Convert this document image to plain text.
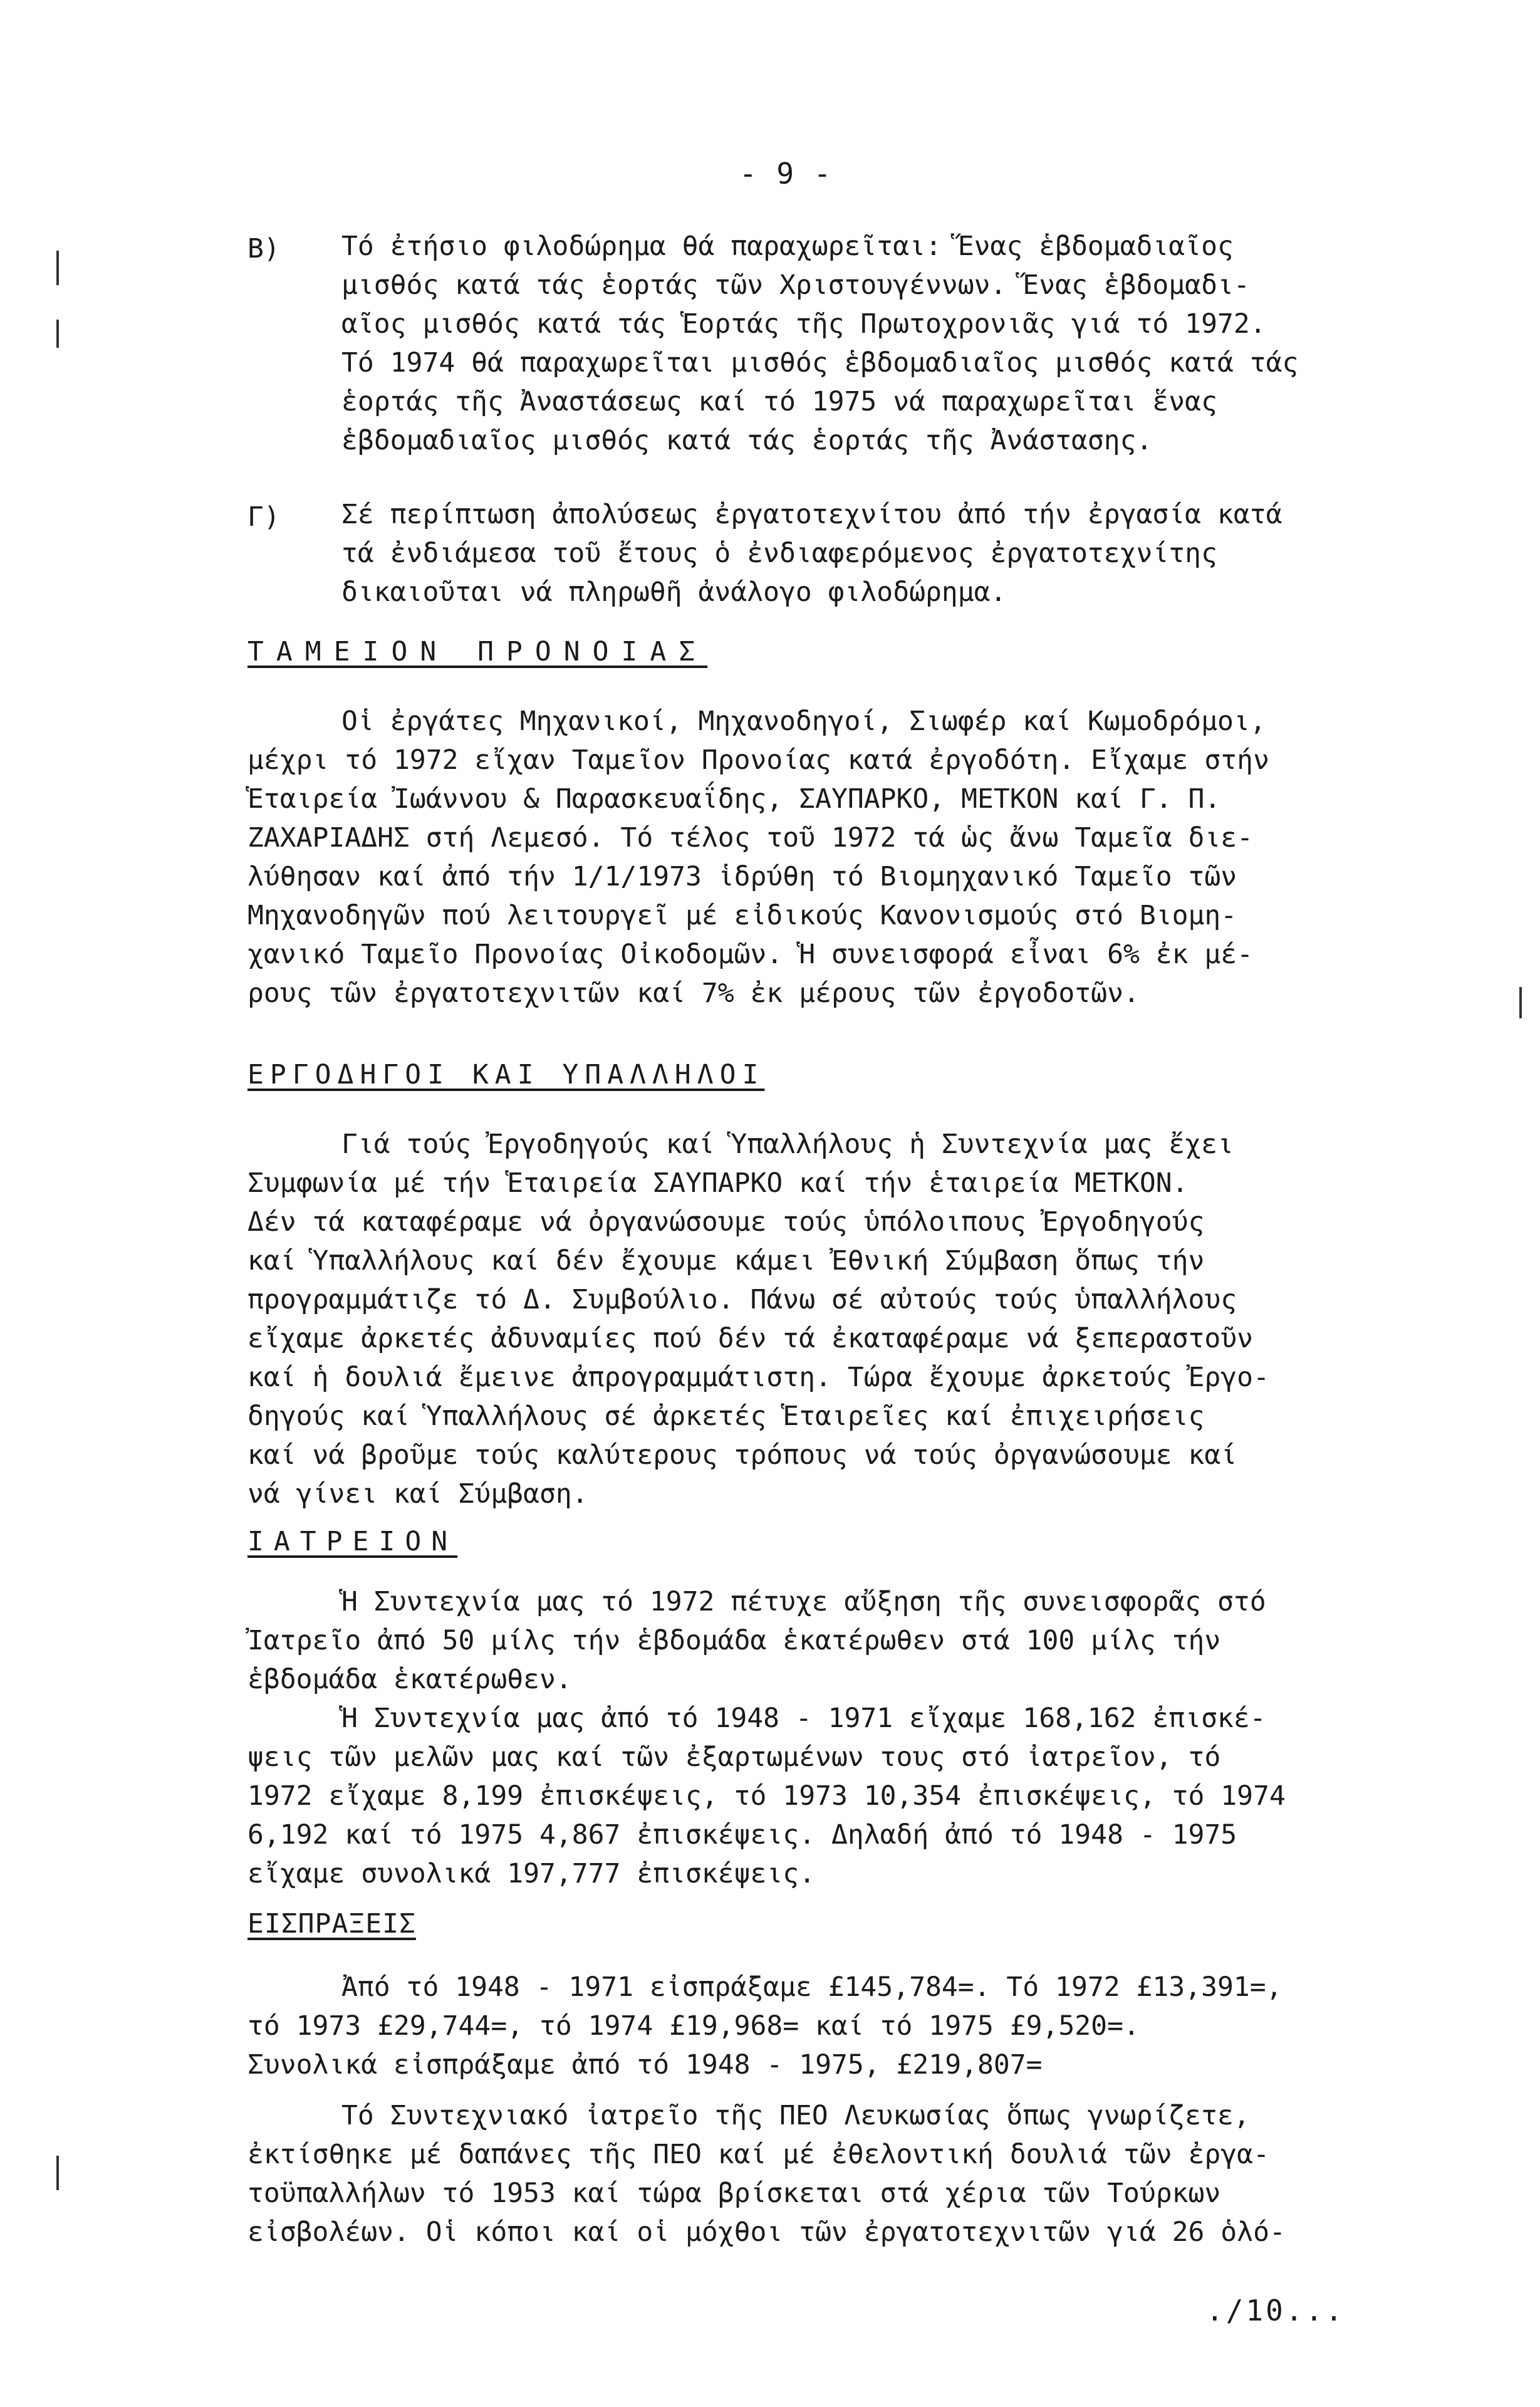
- 9 -
Β) Τό ἐτήσιο φιλοδώρημα θά παραχωρεῖται: Ἕνας ἑβδομαδιαῖος
μισθός κατά τάς ἑορτάς τῶν Χριστουγέννων. Ἕνας ἑβδομαδι-
αῖος μισθός κατά τάς Ἑορτάς τῆς Πρωτοχρονιᾶς γιά τό 1972.
Τό 1974 θά παραχωρεῖται μισθός ἑβδομαδιαῖος μισθός κατά τάς
ἑορτάς τῆς Ἀναστάσεως καί τό 1975 νά παραχωρεῖται ἕνας
ἑβδομαδιαῖος μισθός κατά τάς ἑορτάς τῆς Ἀνάστασης.
Γ) Σέ περίπτωση ἀπολύσεως ἐργατοτεχνίτου ἀπό τήν ἐργασία κατά
τά ἐνδιάμεσα τοῦ ἔτους ὁ ἐνδιαφερόμενος ἐργατοτεχνίτης
δικαιοῦται νά πληρωθῆ ἀνάλογο φιλοδώρημα.
ΤΑΜΕΙΟΝ ΠΡΟΝΟΙΑΣ
Οἱ ἐργάτες Μηχανικοί, Μηχανοδηγοί, Σιωφέρ καί Κωμοδρόμοι,
μέχρι τό 1972 εἴχαν Ταμεῖον Προνοίας κατά ἐργοδότη. Εἴχαμε στήν
Ἑταιρεία Ἰωάννου & Παρασκευαΐδης, ΣΑΥΠΑΡΚΟ, ΜΕΤΚΟΝ καί Γ. Π.
ΖΑΧΑΡΙΑΔΗΣ στή Λεμεσό. Τό τέλος τοῦ 1972 τά ὡς ἄνω Ταμεῖα διε-
λύθησαν καί ἀπό τήν 1/1/1973 ἱδρύθη τό Βιομηχανικό Ταμεῖο τῶν
Μηχανοδηγῶν πού λειτουργεῖ μέ εἰδικούς Κανονισμούς στό Βιομη-
χανικό Ταμεῖο Προνοίας Οἰκοδομῶν. Ἡ συνεισφορά εἶναι 6% ἐκ μέ-
ρους τῶν ἐργατοτεχνιτῶν καί 7% ἐκ μέρους τῶν ἐργοδοτῶν.
ΕΡΓΟΔΗΓΟΙ ΚΑΙ ΥΠΑΛΛΗΛΟΙ
Γιά τούς Ἐργοδηγούς καί Ὑπαλλήλους ἡ Συντεχνία μας ἔχει
Συμφωνία μέ τήν Ἑταιρεία ΣΑΥΠΑΡΚΟ καί τήν ἑταιρεία ΜΕΤΚΟΝ.
Δέν τά καταφέραμε νά ὀργανώσουμε τούς ὑπόλοιπους Ἐργοδηγούς
καί Ὑπαλλήλους καί δέν ἔχουμε κάμει Ἐθνική Σύμβαση ὅπως τήν
προγραμμάτιζε τό Δ. Συμβούλιο. Πάνω σέ αὐτούς τούς ὑπαλλήλους
εἴχαμε ἀρκετές ἀδυναμίες πού δέν τά ἐκαταφέραμε νά ξεπεραστοῦν
καί ἡ δουλιά ἔμεινε ἀπρογραμμάτιστη. Τώρα ἔχουμε ἀρκετούς Ἐργο-
δηγούς καί Ὑπαλλήλους σέ ἀρκετές Ἑταιρεῖες καί ἐπιχειρήσεις
καί νά βροῦμε τούς καλύτερους τρόπους νά τούς ὀργανώσουμε καί
νά γίνει καί Σύμβαση.
ΙΑΤΡΕΙΟΝ
Ἡ Συντεχνία μας τό 1972 πέτυχε αὔξηση τῆς συνεισφορᾶς στό
Ἰατρεῖο ἀπό 50 μίλς τήν ἑβδομάδα ἑκατέρωθεν στά 100 μίλς τήν
ἑβδομάδα ἑκατέρωθεν.
Ἡ Συντεχνία μας ἀπό τό 1948 - 1971 εἴχαμε 168,162 ἐπισκέ-
ψεις τῶν μελῶν μας καί τῶν ἐξαρτωμένων τους στό ἰατρεῖον, τό
1972 εἴχαμε 8,199 ἐπισκέψεις, τό 1973 10,354 ἐπισκέψεις, τό 1974
6,192 καί τό 1975 4,867 ἐπισκέψεις. Δηλαδή ἀπό τό 1948 - 1975
εἴχαμε συνολικά 197,777 ἐπισκέψεις.
ΕΙΣΠΡΑΞΕΙΣ
Ἀπό τό 1948 - 1971 εἰσπράξαμε £145,784=. Τό 1972 £13,391=,
τό 1973 £29,744=, τό 1974 £19,968= καί τό 1975 £9,520=.
Συνολικά εἰσπράξαμε ἀπό τό 1948 - 1975, £219,807=
Τό Συντεχνιακό ἰατρεῖο τῆς ΠΕΟ Λευκωσίας ὅπως γνωρίζετε,
ἐκτίσθηκε μέ δαπάνες τῆς ΠΕΟ καί μέ ἐθελοντική δουλιά τῶν ἐργα-
τοϋπαλλήλων τό 1953 καί τώρα βρίσκεται στά χέρια τῶν Τούρκων
εἰσβολέων. Οἱ κόποι καί οἱ μόχθοι τῶν ἐργατοτεχνιτῶν γιά 26 ὁλό-
./10...
